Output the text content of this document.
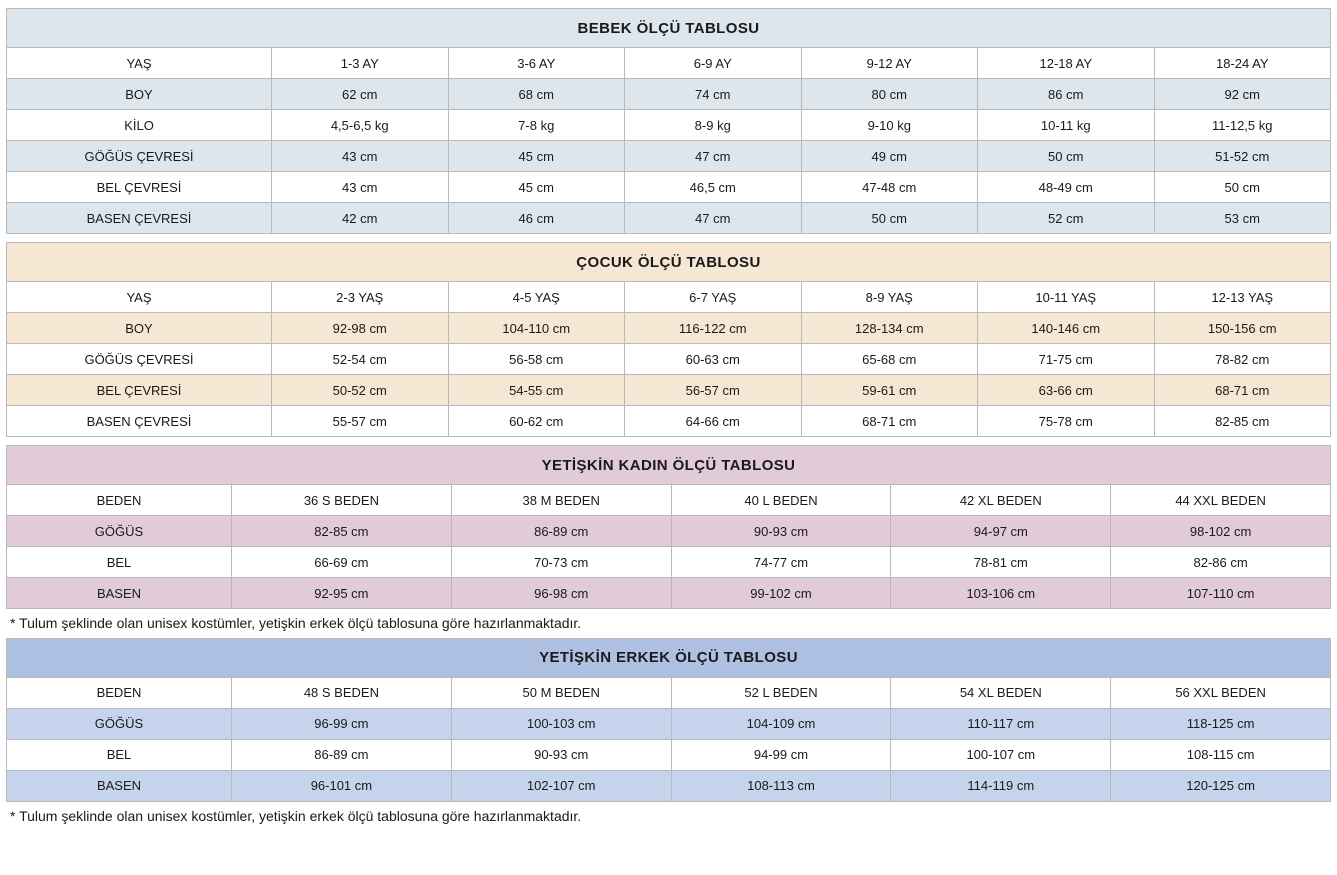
BEBEK ÖLÇÜ TABLOSU						
YAŞ	1-3 AY	3-6 AY	6-9 AY	9-12 AY	12-18 AY	18-24 AY
BOY	62 cm	68 cm	74 cm	80 cm	86 cm	92 cm
KİLO	4,5-6,5 kg	7-8 kg	8-9 kg	9-10 kg	10-11 kg	11-12,5 kg
GÖĞÜS ÇEVRESİ	43 cm	45 cm	47 cm	49 cm	50 cm	51-52 cm
BEL ÇEVRESİ	43 cm	45 cm	46,5 cm	47-48 cm	48-49 cm	50 cm
BASEN ÇEVRESİ	42 cm	46 cm	47 cm	50 cm	52 cm	53 cm
ÇOCUK ÖLÇÜ TABLOSU						
YAŞ	2-3 YAŞ	4-5 YAŞ	6-7 YAŞ	8-9 YAŞ	10-11 YAŞ	12-13 YAŞ
BOY	92-98 cm	104-110 cm	116-122 cm	128-134 cm	140-146 cm	150-156 cm
GÖĞÜS ÇEVRESİ	52-54 cm	56-58 cm	60-63 cm	65-68 cm	71-75 cm	78-82 cm
BEL ÇEVRESİ	50-52 cm	54-55 cm	56-57 cm	59-61 cm	63-66 cm	68-71 cm
BASEN ÇEVRESİ	55-57 cm	60-62 cm	64-66 cm	68-71 cm	75-78 cm	82-85 cm
YETİŞKİN KADIN ÖLÇÜ TABLOSU					
BEDEN	36 S BEDEN	38 M BEDEN	40 L BEDEN	42 XL BEDEN	44 XXL BEDEN
GÖĞÜS	82-85 cm	86-89 cm	90-93 cm	94-97 cm	98-102 cm
BEL	66-69 cm	70-73 cm	74-77 cm	78-81 cm	82-86 cm
BASEN	92-95 cm	96-98 cm	99-102 cm	103-106 cm	107-110 cm
* Tulum şeklinde olan unisex kostümler, yetişkin erkek ölçü tablosuna göre hazırlanmaktadır.
YETİŞKİN ERKEK ÖLÇÜ TABLOSU					
BEDEN	48 S BEDEN	50 M BEDEN	52 L BEDEN	54 XL BEDEN	56 XXL BEDEN
GÖĞÜS	96-99 cm	100-103 cm	104-109 cm	110-117 cm	118-125 cm
BEL	86-89 cm	90-93 cm	94-99 cm	100-107 cm	108-115 cm
BASEN	96-101 cm	102-107 cm	108-113 cm	114-119 cm	120-125 cm
* Tulum şeklinde olan unisex kostümler, yetişkin erkek ölçü tablosuna göre hazırlanmaktadır.
